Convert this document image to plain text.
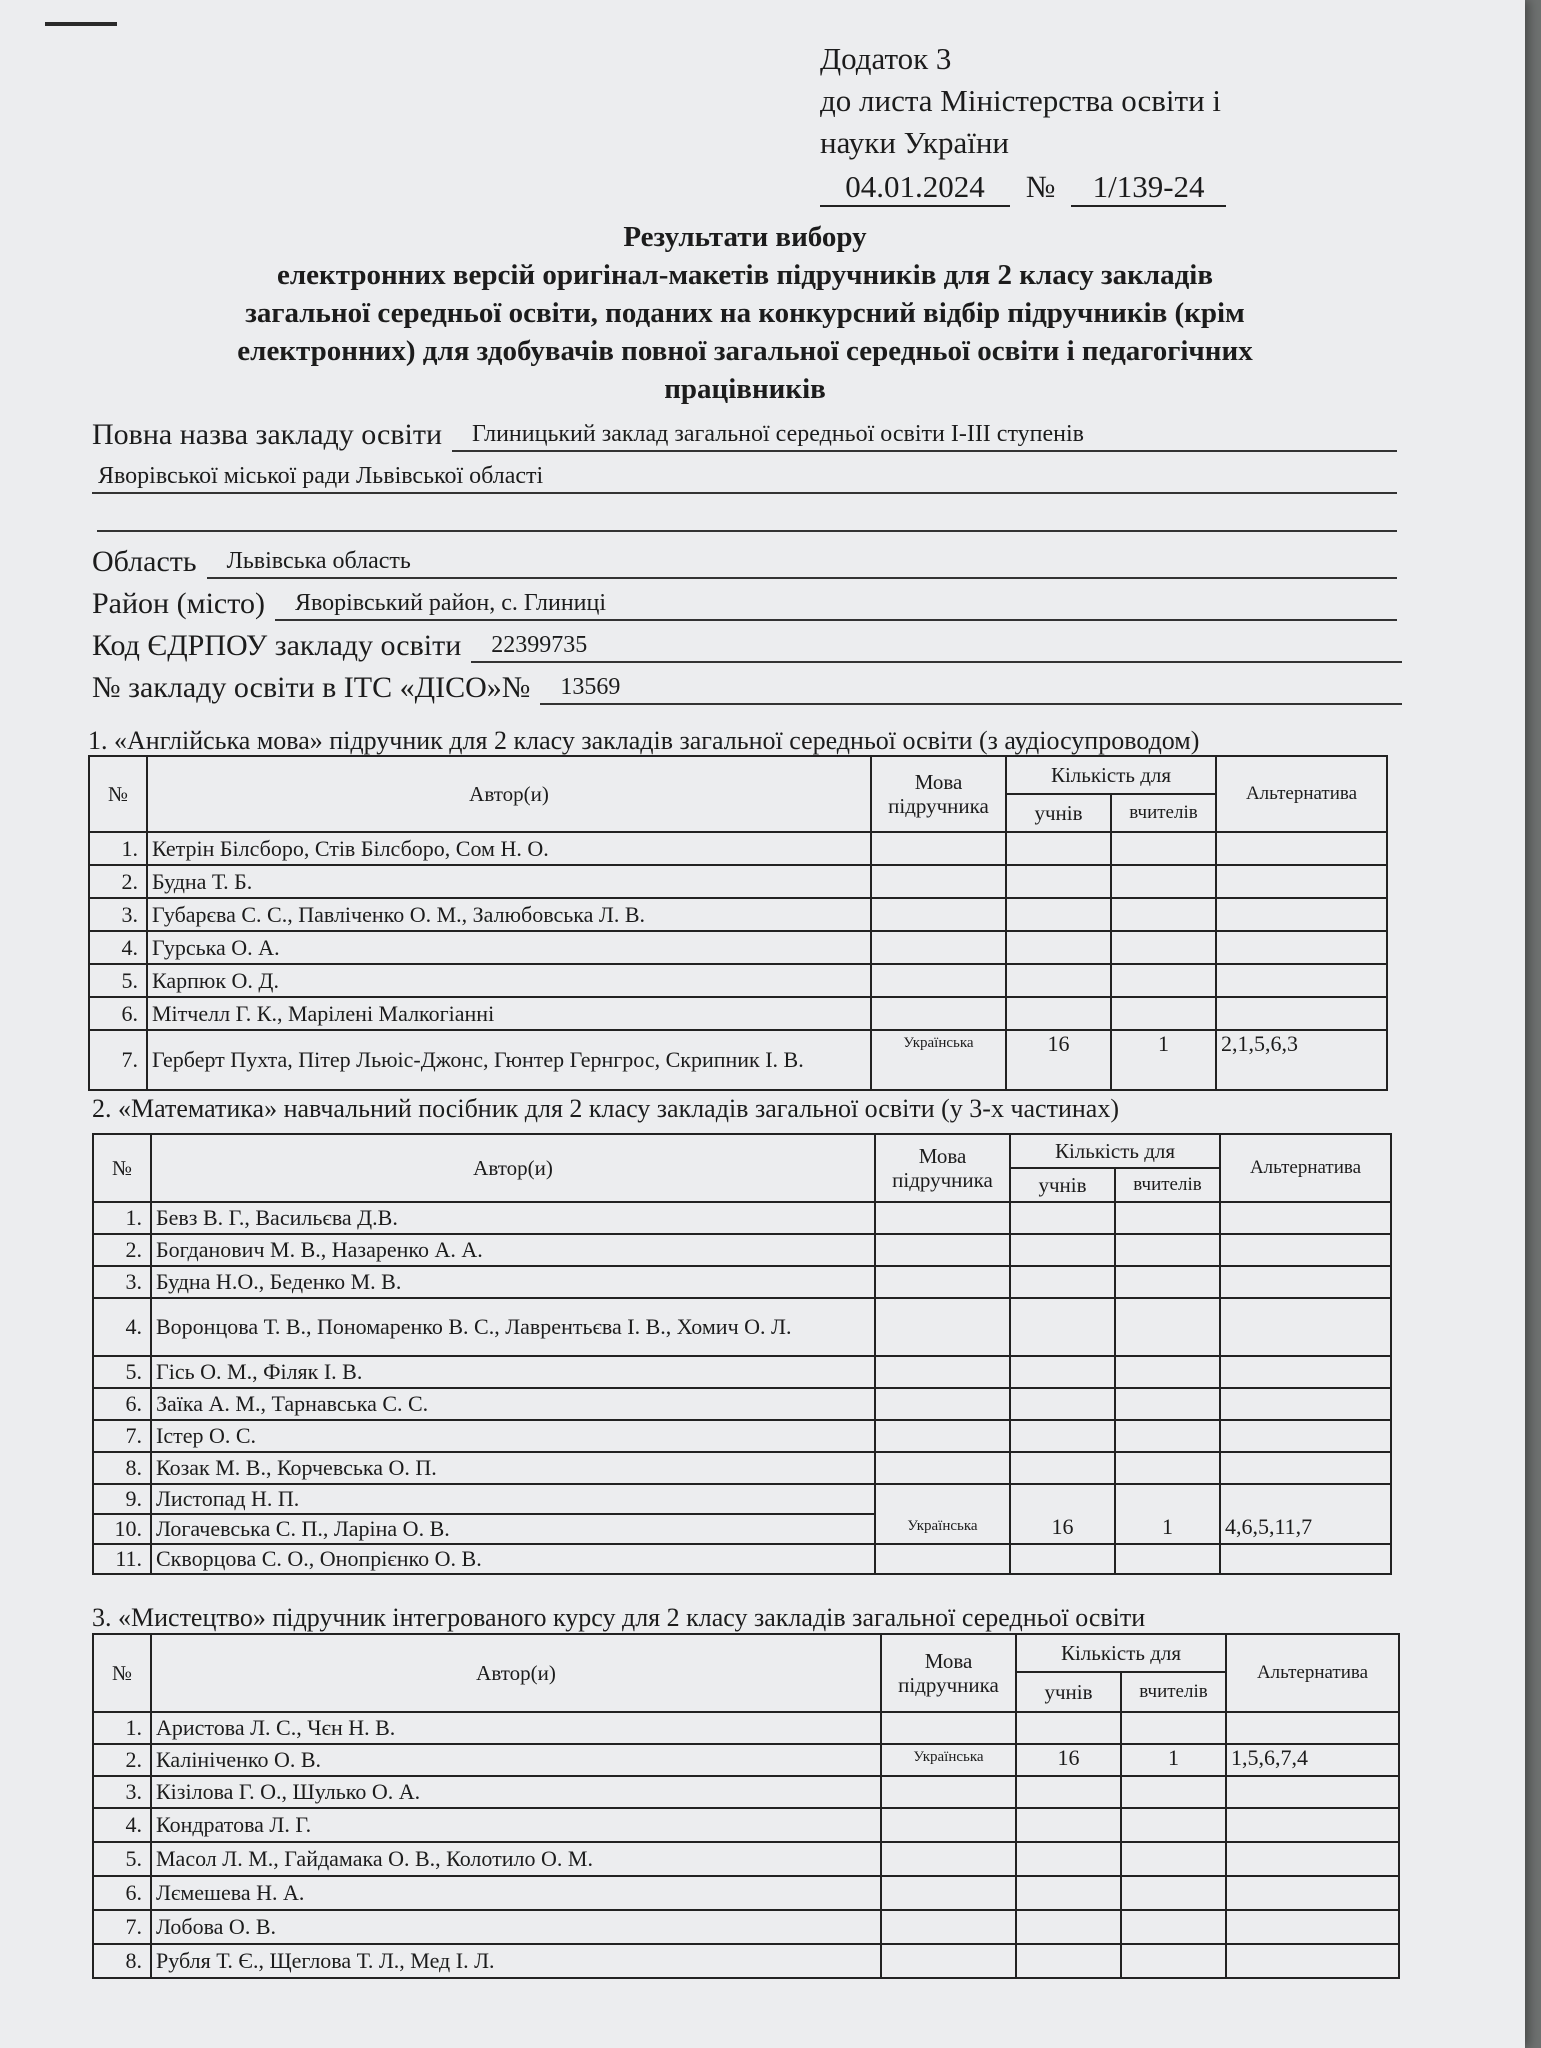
Додаток 3
до листа Міністерства освіти і
науки України
04.01.2024 № 1/139-24
Результати вибору
електронних версій оригінал-макетів підручників для 2 класу закладів
загальної середньої освіти, поданих на конкурсний відбір підручників (крім
електронних) для здобувачів повної загальної середньої освіти і педагогічних
працівників
Повна назва закладу освіти	Глиницький заклад загальної середньої освіти І-ІІІ ступенів
Яворівської міської ради Львівської області
Область	Львівська область
Район (місто)	Яворівський район, с. Глиниці
Код ЄДРПОУ закладу освіти	22399735
№ закладу освіти в ІТС «ДІСО»№	13569
1. «Англійська мова» підручник для 2 класу закладів загальної середньої освіти (з аудіосупроводом)
№	Автор(и)	Мова підручника	Кількість для		Альтернатива
			учнів	вчителів	
1.	Кетрін Білсборо, Стів Білсборо, Сом Н. О.				
2.	Будна Т. Б.				
3.	Губарєва С. С., Павліченко О. М., Залюбовська Л. В.				
4.	Гурська О. А.				
5.	Карпюк О. Д.				
6.	Мітчелл Г. К., Марілені Малкогіанні				
7.	Герберт Пухта, Пітер Льюіс-Джонс, Гюнтер Гернгрос, Скрипник І. В.	Українська	16	1	2,1,5,6,3
2. «Математика» навчальний посібник для 2 класу закладів загальної освіти (у 3-х частинах)
№	Автор(и)	Мова підручника	Кількість для		Альтернатива
			учнів	вчителів	
1.	Бевз В. Г., Васильєва Д.В.				
2.	Богданович М. В., Назаренко А. А.				
3.	Будна Н.О., Беденко М. В.				
4.	Воронцова Т. В., Пономаренко В. С., Лаврентьєва І. В., Хомич О. Л.				
5.	Гісь О. М., Філяк І. В.				
6.	Заїка А. М., Тарнавська С. С.				
7.	Істер О. С.				
8.	Козак М. В., Корчевська О. П.				
9.	Листопад Н. П.				
10.	Логачевська С. П., Ларіна О. В.	Українська	16	1	4,6,5,11,7
11.	Скворцова С. О., Онопрієнко О. В.				
3. «Мистецтво» підручник інтегрованого курсу для 2 класу закладів загальної середньої освіти
№	Автор(и)	Мова підручника	Кількість для		Альтернатива
			учнів	вчителів	
1.	Аристова Л. С., Чєн Н. В.				
2.	Калініченко О. В.	Українська	16	1	1,5,6,7,4
3.	Кізілова Г. О., Шулько О. А.				
4.	Кондратова Л. Г.				
5.	Масол Л. М., Гайдамака О. В., Колотило О. М.				
6.	Лємешева Н. А.				
7.	Лобова О. В.				
8.	Рубля Т. Є., Щеглова Т. Л., Мед І. Л.				
